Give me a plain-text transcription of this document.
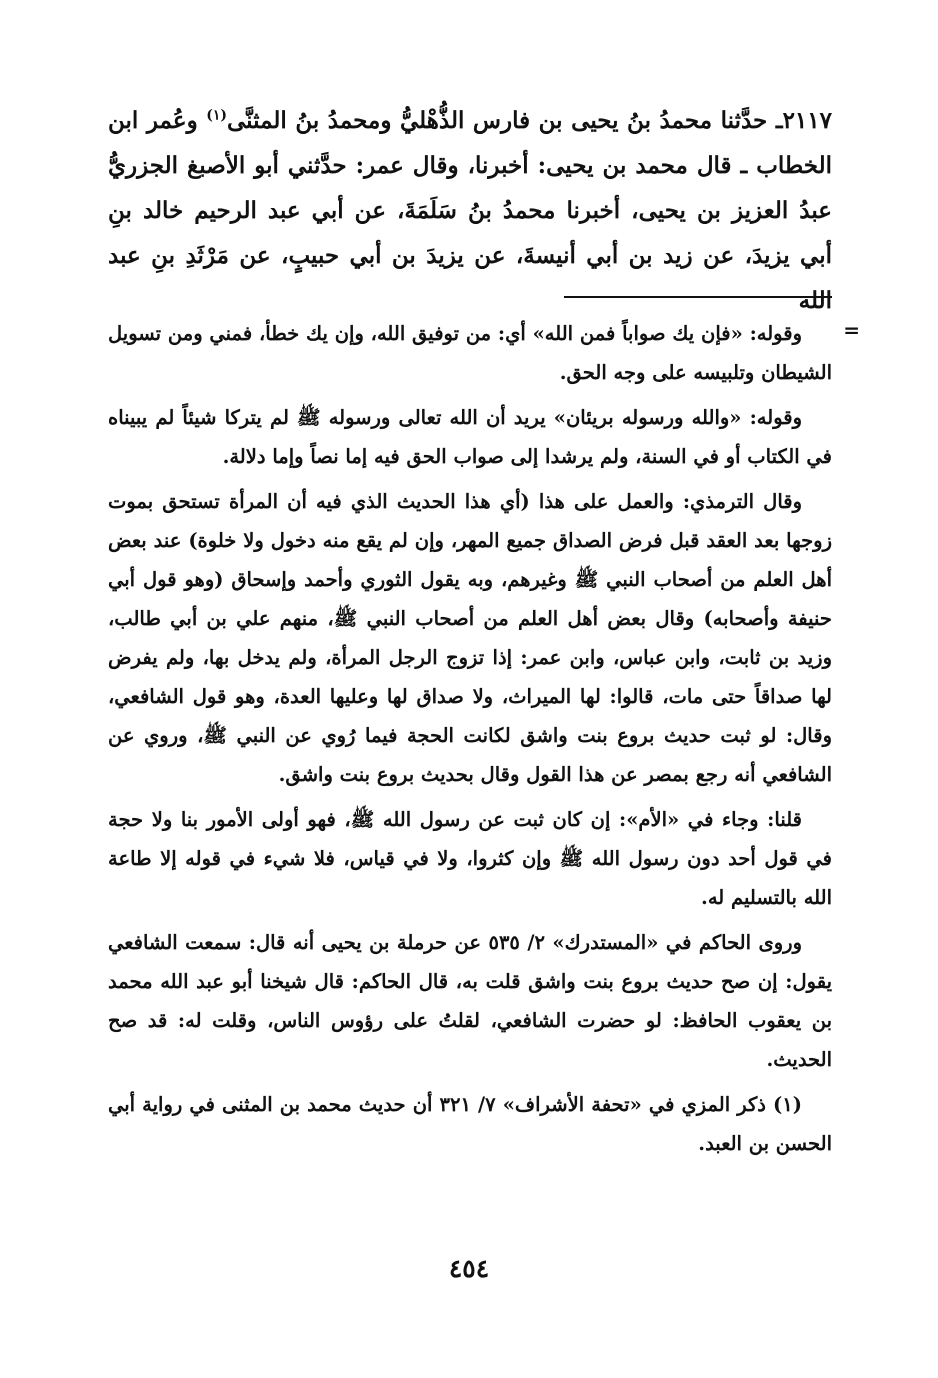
٢١١٧ـ حدَّثنا محمدُ بنُ يحيى بن فارس الذُّهْليُّ ومحمدُ بنُ المثنَّى$^{(١)}$ وعُمر ابن الخطاب ـ قال محمد بن يحيى: أخبرنا، وقال عمر: حدَّثني أبو الأصبغ الجزريُّ عبدُ العزيز بن يحيى، أخبرنا محمدُ بنُ سَلَمَةَ، عن أبي عبد الرحيم خالد بنِ أبي يزيدَ، عن زيد بن أبي أنيسةَ، عن يزيدَ بن أبي حبيبٍ، عن مَرْثَدِ بنِ عبد الله
=

وقوله: «فإن يك صواباً فمن الله» أي: من توفيق الله، وإن يك خطأ، فمني ومن تسويل الشيطان وتلبيسه على وجه الحق.

وقوله: «والله ورسوله بريئان» يريد أن الله تعالى ورسوله ﷺ لم يتركا شيئاً لم يبيناه في الكتاب أو في السنة، ولم يرشدا إلى صواب الحق فيه إما نصاً وإما دلالة.

وقال الترمذي: والعمل على هذا (أي هذا الحديث الذي فيه أن المرأة تستحق بموت زوجها بعد العقد قبل فرض الصداق جميع المهر، وإن لم يقع منه دخول ولا خلوة) عند بعض أهل العلم من أصحاب النبي ﷺ وغيرهم، وبه يقول الثوري وأحمد وإسحاق (وهو قول أبي حنيفة وأصحابه) وقال بعض أهل العلم من أصحاب النبي ﷺ، منهم علي بن أبي طالب، وزيد بن ثابت، وابن عباس، وابن عمر: إذا تزوج الرجل المرأة، ولم يدخل بها، ولم يفرض لها صداقاً حتى مات، قالوا: لها الميراث، ولا صداق لها وعليها العدة، وهو قول الشافعي، وقال: لو ثبت حديث بروع بنت واشق لكانت الحجة فيما رُوي عن النبي ﷺ، وروي عن الشافعي أنه رجع بمصر عن هذا القول وقال بحديث بروع بنت واشق.

قلنا: وجاء في «الأم»: إن كان ثبت عن رسول الله ﷺ، فهو أولى الأمور بنا ولا حجة في قول أحد دون رسول الله ﷺ وإن كثروا، ولا في قياس، فلا شيء في قوله إلا طاعة الله بالتسليم له.

وروى الحاكم في «المستدرك» ٢/ ٥٣٥ عن حرملة بن يحيى أنه قال: سمعت الشافعي يقول: إن صح حديث بروع بنت واشق قلت به، قال الحاكم: قال شيخنا أبو عبد الله محمد بن يعقوب الحافظ: لو حضرت الشافعي، لقلتُ على رؤوس الناس، وقلت له: قد صح الحديث.

(١) ذكر المزي في «تحفة الأشراف» ٧/ ٣٢١ أن حديث محمد بن المثنى في رواية أبي الحسن بن العبد.

٤٥٤
